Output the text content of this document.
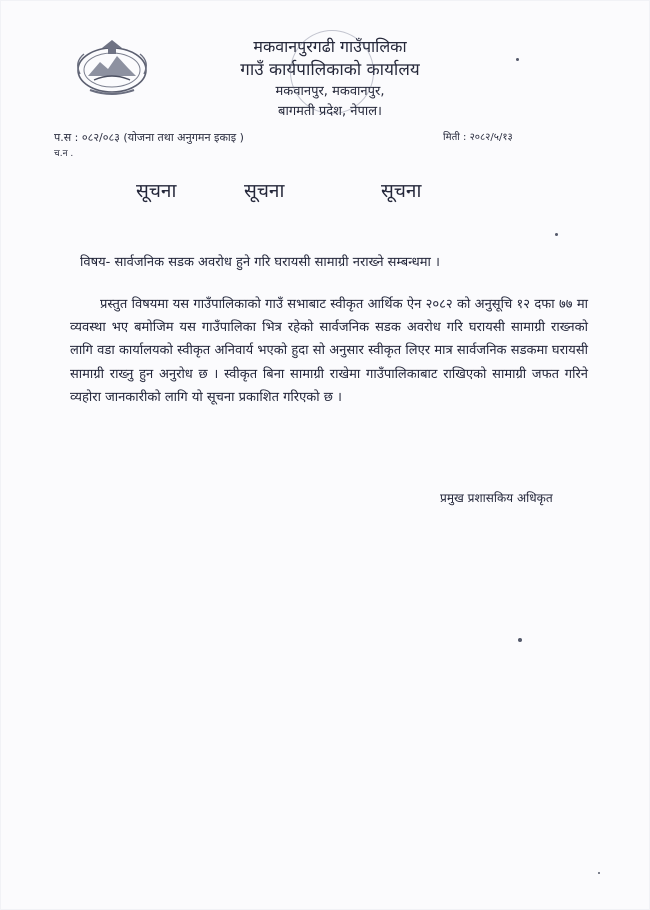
मकवानपुरगढी गाउँपालिका
गाउँ कार्यपालिकाको कार्यालय
मकवानपुर, मकवानपुर,
बागमती प्रदेश, नेपाल।
प.स : ०८२/०८३ (योजना तथा अनुगमन इकाइ )
च.न .
मिती : २०८२/५/१३
सूचना	सूचना	सूचना
विषय- सार्वजनिक सडक अवरोध हुने गरि घरायसी सामाग्री नराख्ने सम्बन्धमा ।
प्रस्तुत विषयमा यस गाउँपालिकाको गाउँ सभाबाट स्वीकृत आर्थिक ऐन २०८२ को अनुसूचि १२ दफा ७७ मा व्यवस्था भए बमोजिम यस गाउँपालिका भित्र रहेको सार्वजनिक सडक अवरोध गरि घरायसी सामाग्री राख्नको लागि वडा कार्यालयको स्वीकृत अनिवार्य भएको हुदा सो अनुसार स्वीकृत लिएर मात्र सार्वजनिक सडकमा घरायसी सामाग्री राख्नु हुन अनुरोध छ । स्वीकृत बिना सामाग्री राखेमा गाउँपालिकाबाट राखिएको सामाग्री जफत गरिने व्यहोरा जानकारीको लागि यो सूचना प्रकाशित गरिएको छ ।
प्रमुख प्रशासकिय अधिकृत
